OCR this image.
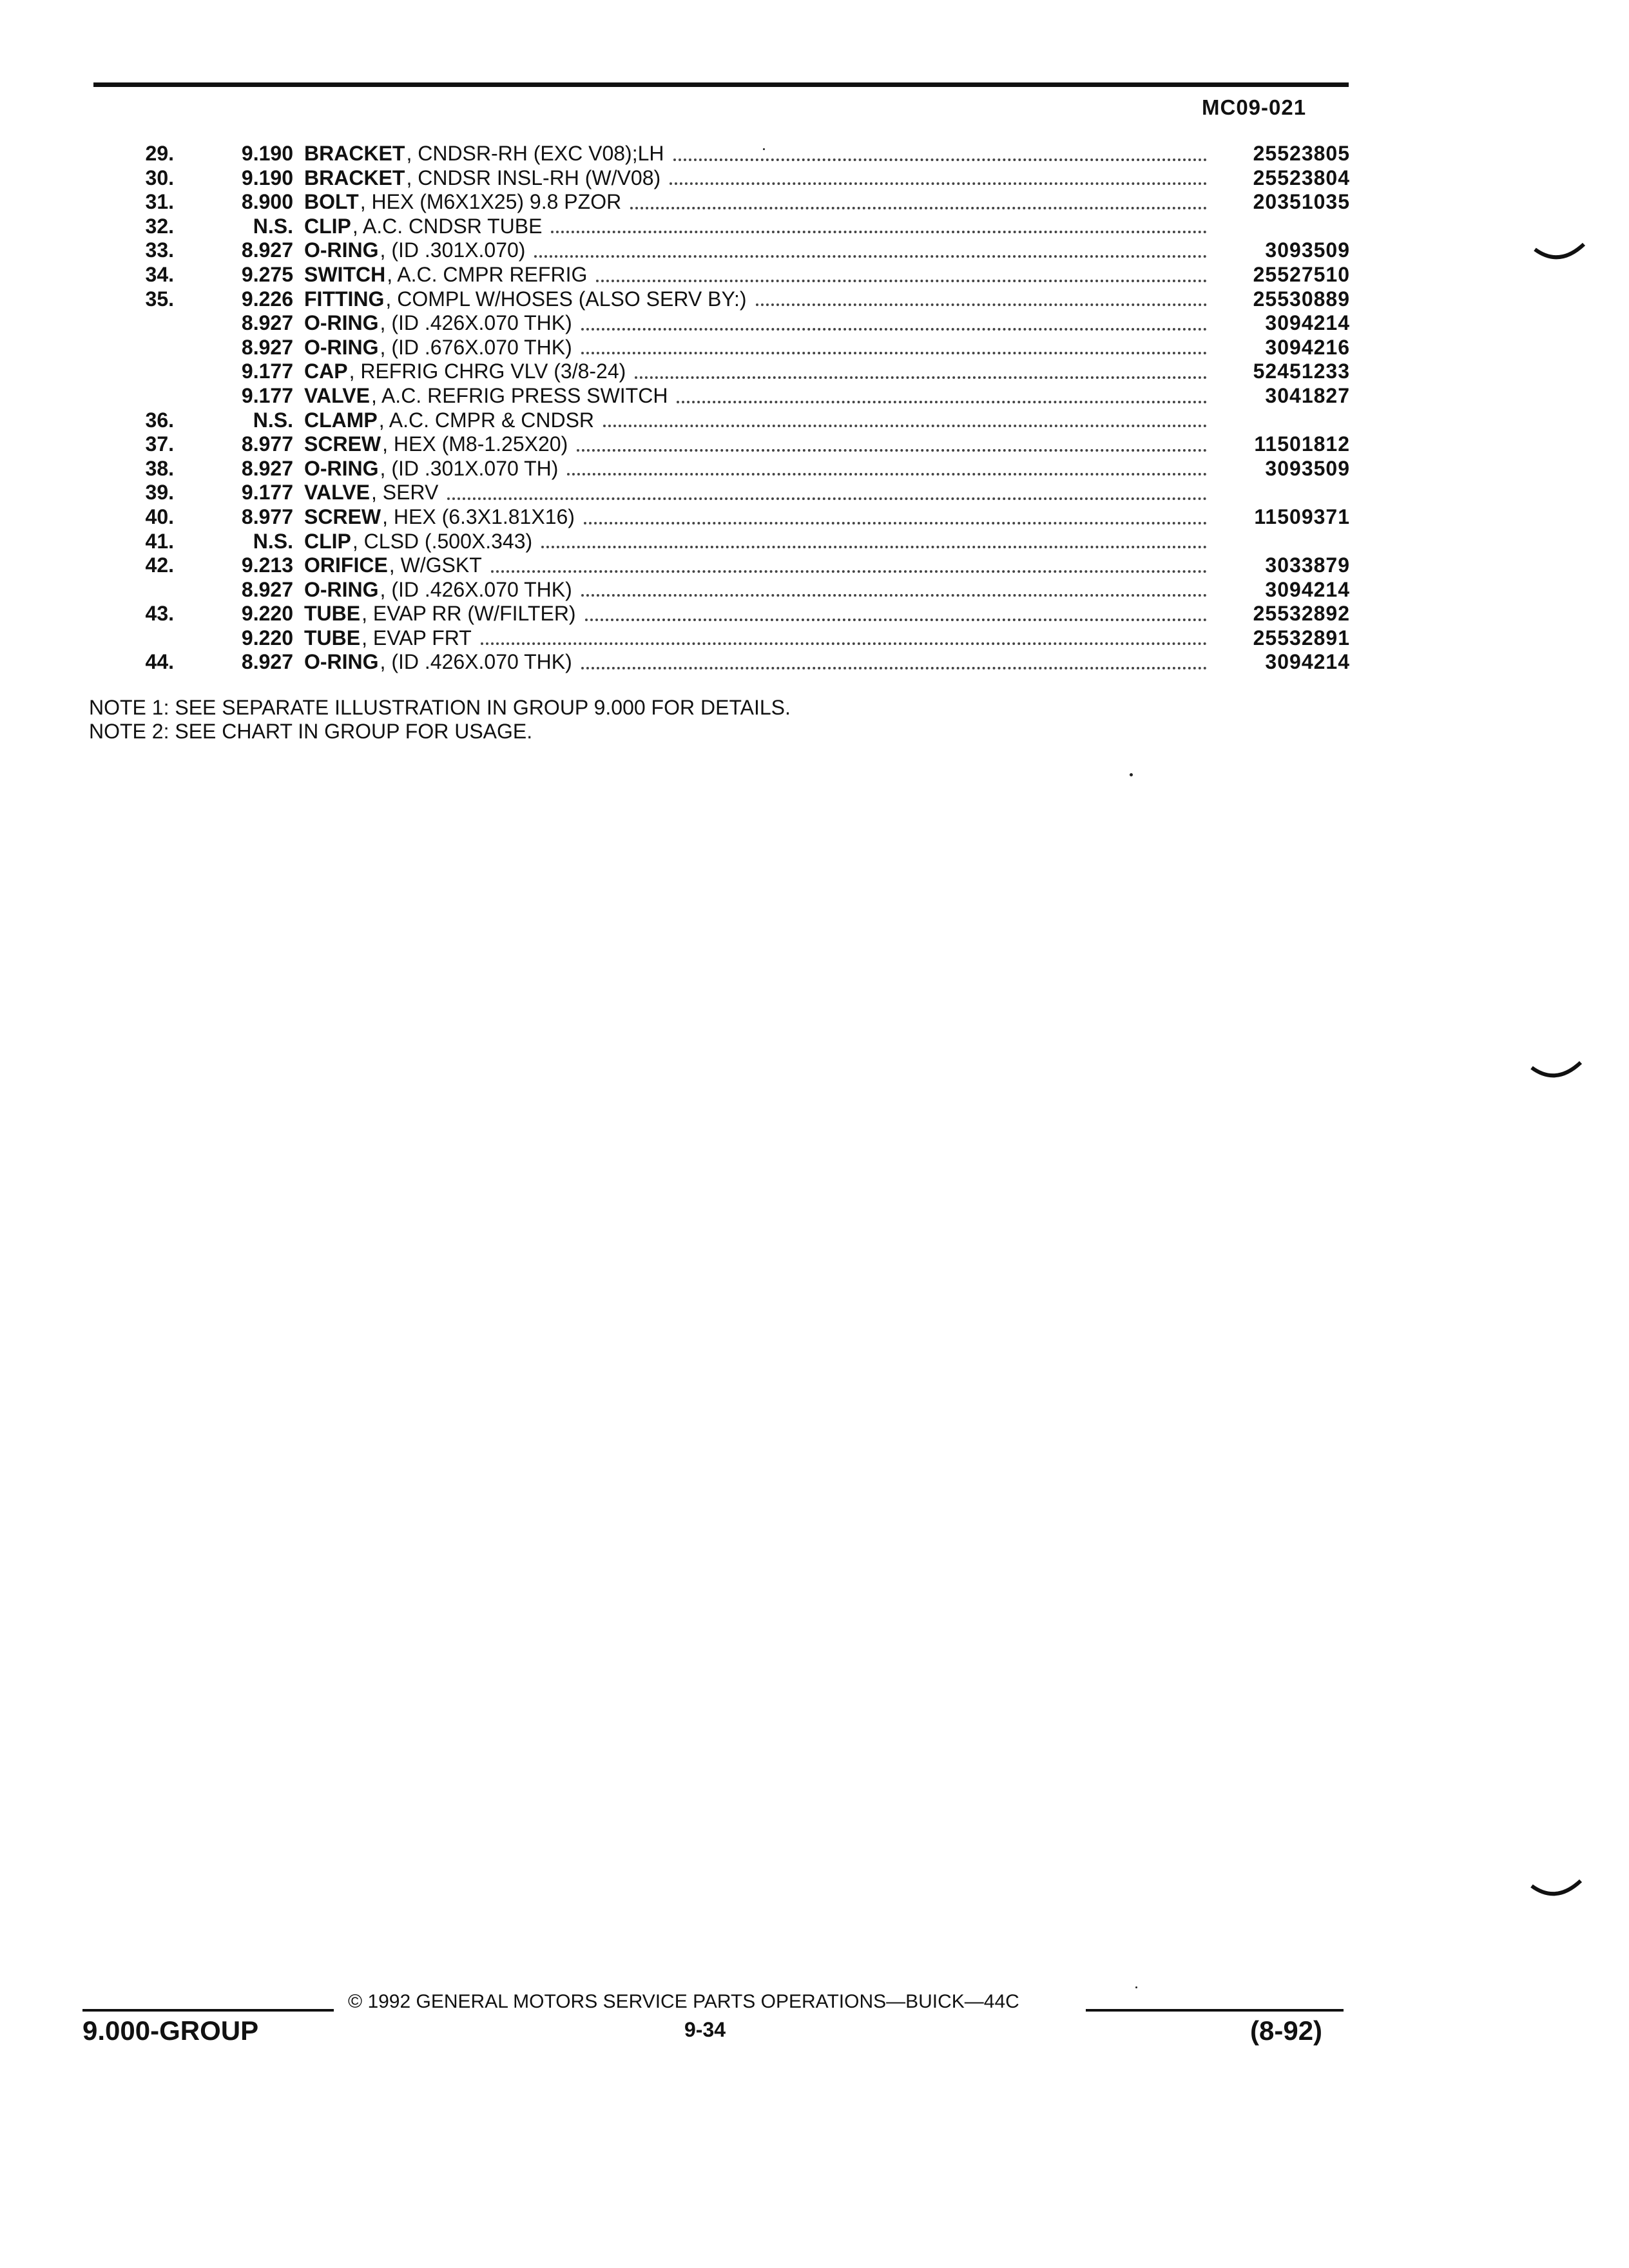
MC09-021
29.	9.190 BRACKET , CNDSR-RH (EXC V08);LH	25523805
30.	9.190 BRACKET , CNDSR INSL-RH (W/V08)	25523804
31.	8.900 BOLT , HEX (M6X1X25) 9.8 PZOR	20351035
32.	N.S. CLIP , A.C. CNDSR TUBE
33.	8.927 O-RING , (ID .301X.070)	3093509
34.	9.275 SWITCH , A.C. CMPR REFRIG	25527510
35.	9.226 FITTING , COMPL W/HOSES (ALSO SERV BY:)	25530889
8.927 O-RING , (ID .426X.070 THK)	3094214
8.927 O-RING , (ID .676X.070 THK)	3094216
9.177 CAP , REFRIG CHRG VLV (3/8-24)	52451233
9.177 VALVE , A.C. REFRIG PRESS SWITCH	3041827
36.	N.S. CLAMP , A.C. CMPR & CNDSR
37.	8.977 SCREW , HEX (M8-1.25X20)	11501812
38.	8.927 O-RING , (ID .301X.070 TH)	3093509
39.	9.177 VALVE , SERV
40.	8.977 SCREW , HEX (6.3X1.81X16)	11509371
41.	N.S. CLIP , CLSD (.500X.343)
42.	9.213 ORIFICE , W/GSKT	3033879
8.927 O-RING , (ID .426X.070 THK)	3094214
43.	9.220 TUBE , EVAP RR (W/FILTER)	25532892
9.220 TUBE , EVAP FRT	25532891
44.	8.927 O-RING , (ID .426X.070 THK)	3094214
NOTE 1: SEE SEPARATE ILLUSTRATION IN GROUP 9.000 FOR DETAILS.
NOTE 2: SEE CHART IN GROUP FOR USAGE.
© 1992 GENERAL MOTORS SERVICE PARTS OPERATIONS—BUICK—44C
9.000-GROUP	9-34	(8-92)
